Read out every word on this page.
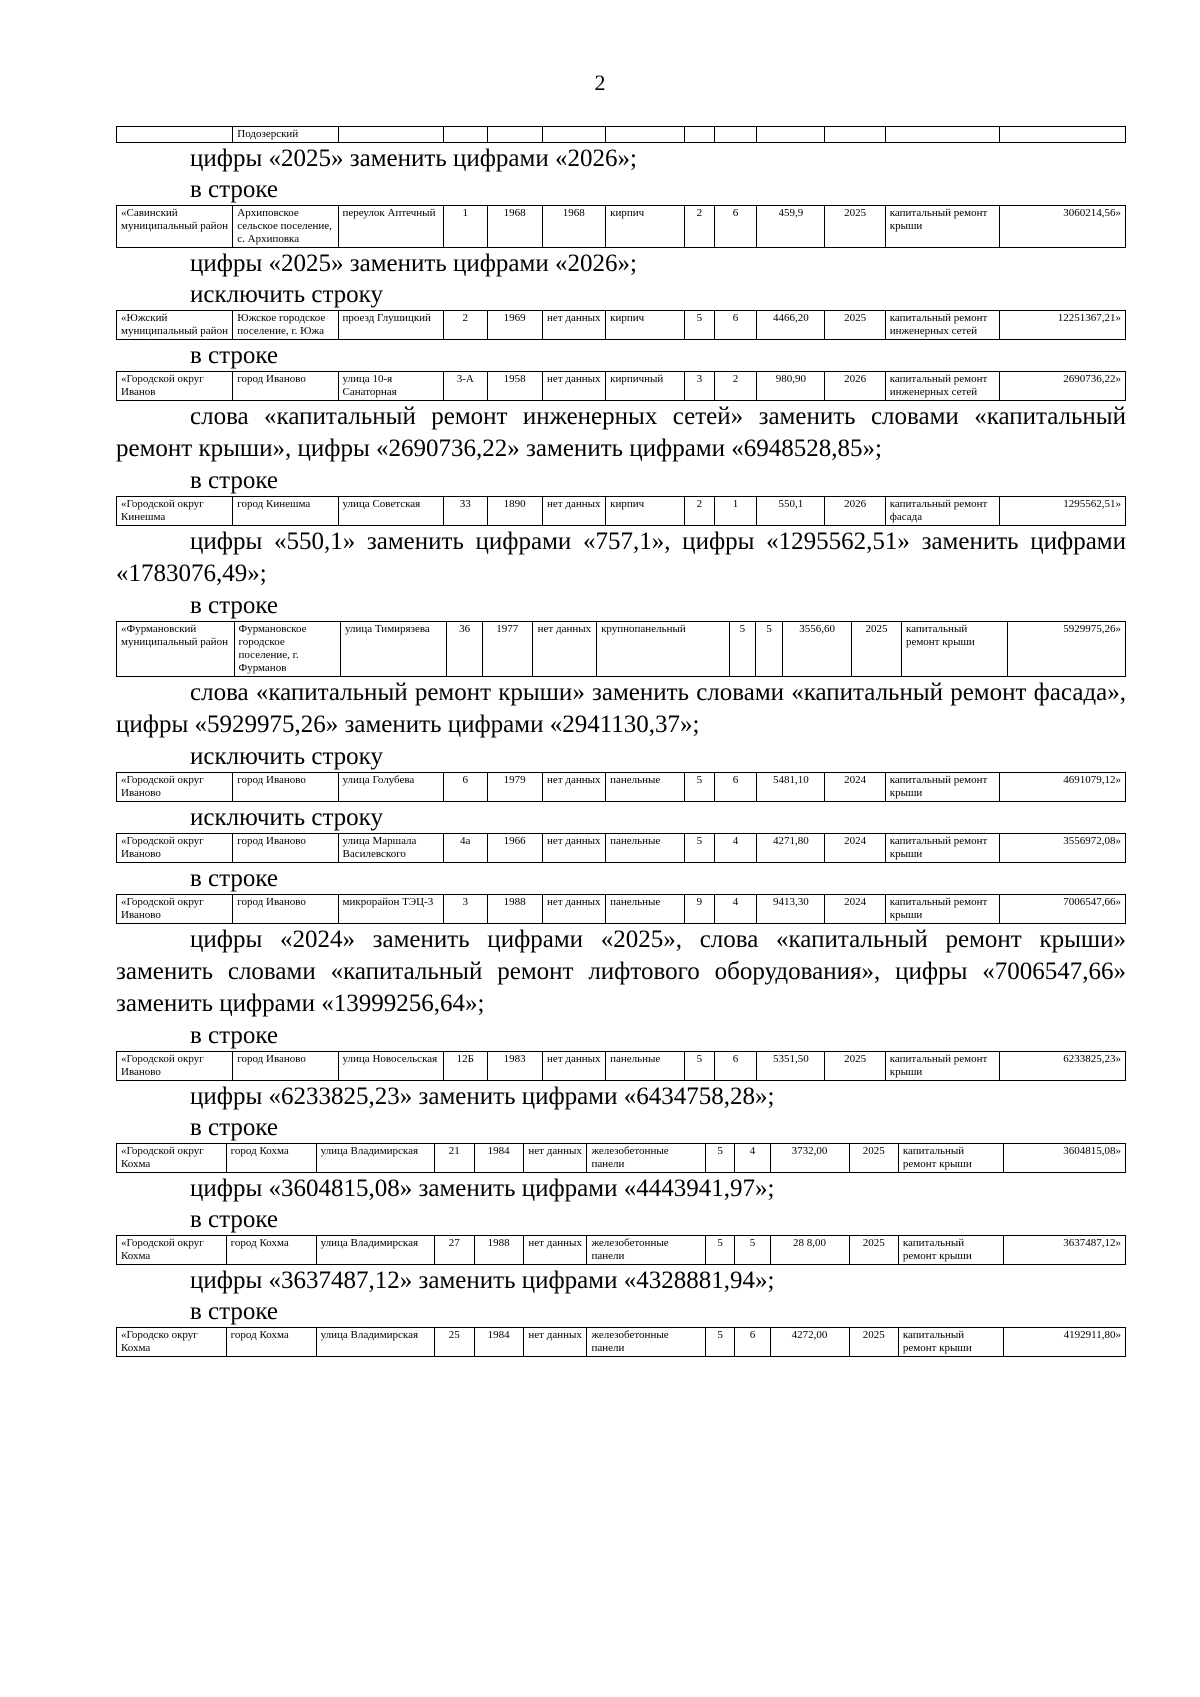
2
	Подозерский											
цифры «2025» заменить цифрами «2026»;
в строке
«Савинский муниципальный район	Архиповское сельское поселение, с. Архиповка	переулок Аптечный	1	1968	1968	кирпич	2	6	459,9	2025	капитальный ремонт крыши	3060214,56»
цифры «2025» заменить цифрами «2026»;
исключить строку
«Южский муниципальный район	Южское городское поселение, г. Южа	проезд Глушицкий	2	1969	нет данных	кирпич	5	6	4466,20	2025	капитальный ремонт инженерных сетей	12251367,21»
в строке
«Городской округ Иванов	город Иваново	улица 10-я Санаторная	3-А	1958	нет данных	кирпичный	3	2	980,90	2026	капитальный ремонт инженерных сетей	2690736,22»
слова «капитальный ремонт инженерных сетей» заменить словами «капитальный ремонт крыши», цифры «2690736,22» заменить цифрами «6948528,85»;
в строке
«Городской округ Кинешма	город Кинешма	улица Советская	33	1890	нет данных	кирпич	2	1	550,1	2026	капитальный ремонт фасада	1295562,51»
цифры «550,1» заменить цифрами «757,1», цифры «1295562,51» заменить цифрами «1783076,49»;
в строке
«Фурмановский муниципальный район	Фурмановское городское поселение, г. Фурманов	улица Тимирязева	36	1977	нет данных	крупнопанельный	5	5	3556,60	2025	капитальный ремонт крыши	5929975,26»
слова «капитальный ремонт крыши» заменить словами «капитальный ремонт фасада», цифры «5929975,26» заменить цифрами «2941130,37»;
исключить строку
«Городской округ Иваново	город Иваново	улица Голубева	6	1979	нет данных	панельные	5	6	5481,10	2024	капитальный ремонт крыши	4691079,12»
исключить строку
«Городской округ Иваново	город Иваново	улица Маршала Василевского	4а	1966	нет данных	панельные	5	4	4271,80	2024	капитальный ремонт крыши	3556972,08»
в строке
«Городской округ Иваново	город Иваново	микрорайон ТЭЦ-3	3	1988	нет данных	панельные	9	4	9413,30	2024	капитальный ремонт крыши	7006547,66»
цифры «2024» заменить цифрами «2025», слова «капитальный ремонт крыши» заменить словами «капитальный ремонт лифтового оборудования», цифры «7006547,66» заменить цифрами «13999256,64»;
в строке
«Городской округ Иваново	город Иваново	улица Новосельская	12Б	1983	нет данных	панельные	5	6	5351,50	2025	капитальный ремонт крыши	6233825,23»
цифры «6233825,23» заменить цифрами «6434758,28»;
в строке
«Городской округ Кохма	город Кохма	улица Владимирская	21	1984	нет данных	железобетонные панели	5	4	3732,00	2025	капитальный ремонт крыши	3604815,08»
цифры «3604815,08» заменить цифрами «4443941,97»;
в строке
«Городской округ Кохма	город Кохма	улица Владимирская	27	1988	нет данных	железобетонные панели	5	5	28 8,00	2025	капитальный ремонт крыши	3637487,12»
цифры «3637487,12» заменить цифрами «4328881,94»;
в строке
«Городско округ Кохма	город Кохма	улица Владимирская	25	1984	нет данных	железобетонные панели	5	6	4272,00	2025	капитальный ремонт крыши	4192911,80»
